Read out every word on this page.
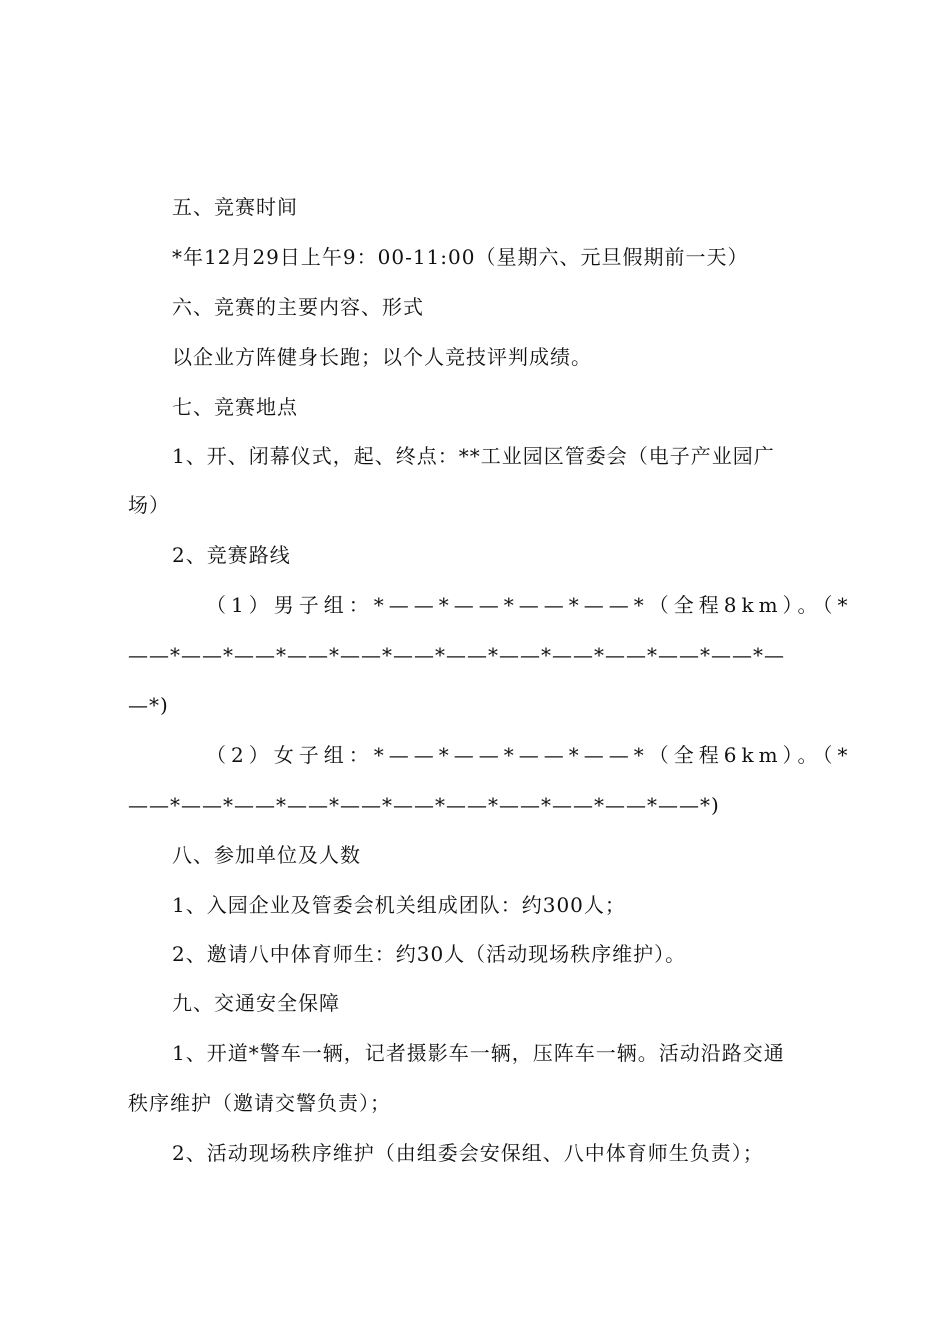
五、竞赛时间
*年12月29日上午9：00-11:00（星期六、元旦假期前一天）
六、竞赛的主要内容、形式
以企业方阵健身长跑；以个人竞技评判成绩。
七、竞赛地点
1、开、闭幕仪式，起、终点：**工业园区管委会（电子产业园广
场）
2、竞赛路线
（1）男子组：*——*——*——*——*（全程8km）。（*
——*——*——*——*——*——*——*——*——*——*——*——*—
—*)
（2）女子组：*——*——*——*——*（全程6km）。（*
——*——*——*——*——*——*——*——*——*——*——*)
八、参加单位及人数
1、入园企业及管委会机关组成团队：约300人；
2、邀请八中体育师生：约30人（活动现场秩序维护）。
九、交通安全保障
1、开道*警车一辆，记者摄影车一辆，压阵车一辆。活动沿路交通
秩序维护（邀请交警负责）；
2、活动现场秩序维护（由组委会安保组、八中体育师生负责）；
